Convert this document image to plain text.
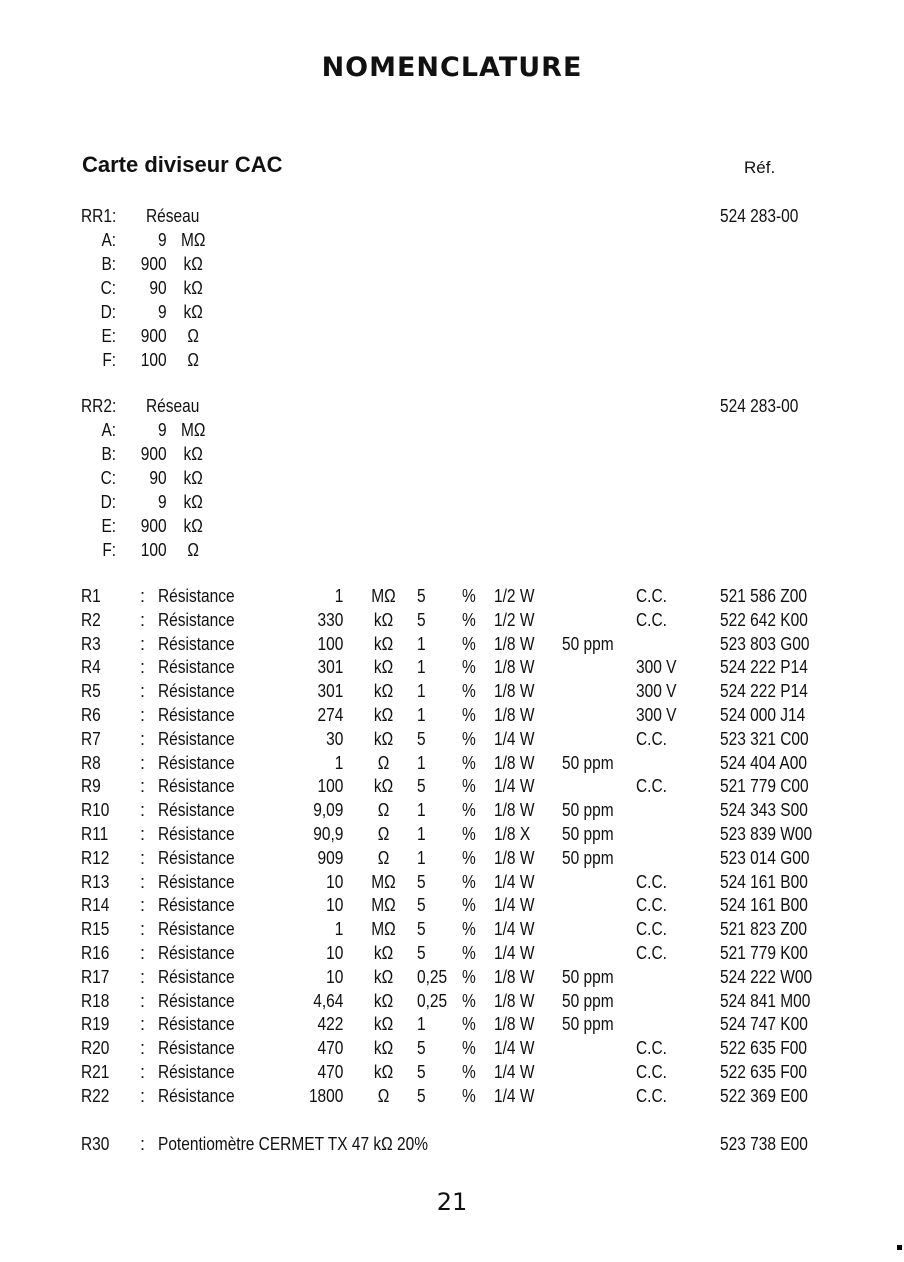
NOMENCLATURE
Carte diviseur CAC	Réf.
RR1: Réseau	524 283-00
A:	9 MΩ
B:	900 kΩ
C:	90 kΩ
D:	9 kΩ
E:	900	Ω
F:	100	Ω
RR2: Réseau	524 283-00
A:	9 MΩ
B:	900 kΩ
C:	90 kΩ
D:	9 kΩ
E:	900 kΩ
F:	100	Ω
R1 : Résistance	1	MΩ	5 % 1/2 W	C.C.	521 586 Z00
R2 : Résistance	330	kΩ	5 % 1/2 W	C.C.	522 642 K00
R3 : Résistance	100	kΩ	1 % 1/8 W 50 ppm	523 803 G00
R4 : Résistance	301	kΩ	1 % 1/8 W	300 V 524 222 P14
R5 : Résistance	301	kΩ	1 % 1/8 W	300 V 524 222 P14
R6 : Résistance	274	kΩ	1 % 1/8 W	300 V 524 000 J14
R7 : Résistance	30	kΩ	5 % 1/4 W	C.C.	523 321 C00
R8 : Résistance	1	Ω	1 % 1/8 W 50 ppm	524 404 A00
R9 : Résistance	100	kΩ	5 % 1/4 W	C.C.	521 779 C00
R10 : Résistance	9,09	Ω	1 % 1/8 W 50 ppm	524 343 S00
R11 : Résistance	90,9	Ω	1 % 1/8 X 50 ppm	523 839 W00
R12 : Résistance	909	Ω	1 % 1/8 W 50 ppm	523 014 G00
R13 : Résistance	10	MΩ	5 % 1/4 W	C.C.	524 161 B00
R14 : Résistance	10	MΩ	5 % 1/4 W	C.C.	524 161 B00
R15 : Résistance	1	MΩ	5 % 1/4 W	C.C.	521 823 Z00
R16 : Résistance	10	kΩ	5 % 1/4 W	C.C.	521 779 K00
R17 : Résistance	10	kΩ	0,25 % 1/8 W 50 ppm	524 222 W00
R18 : Résistance	4,64	kΩ	0,25 % 1/8 W 50 ppm	524 841 M00
R19 : Résistance	422	kΩ	1 % 1/8 W 50 ppm	524 747 K00
R20 : Résistance	470	kΩ	5 % 1/4 W	C.C.	522 635 F00
R21 : Résistance	470	kΩ	5 % 1/4 W	C.C.	522 635 F00
R22 : Résistance	1800	Ω	5 % 1/4 W	C.C.	522 369 E00
R30 : Potentiomètre CERMET TX 47 kΩ 20%	523 738 E00
21
